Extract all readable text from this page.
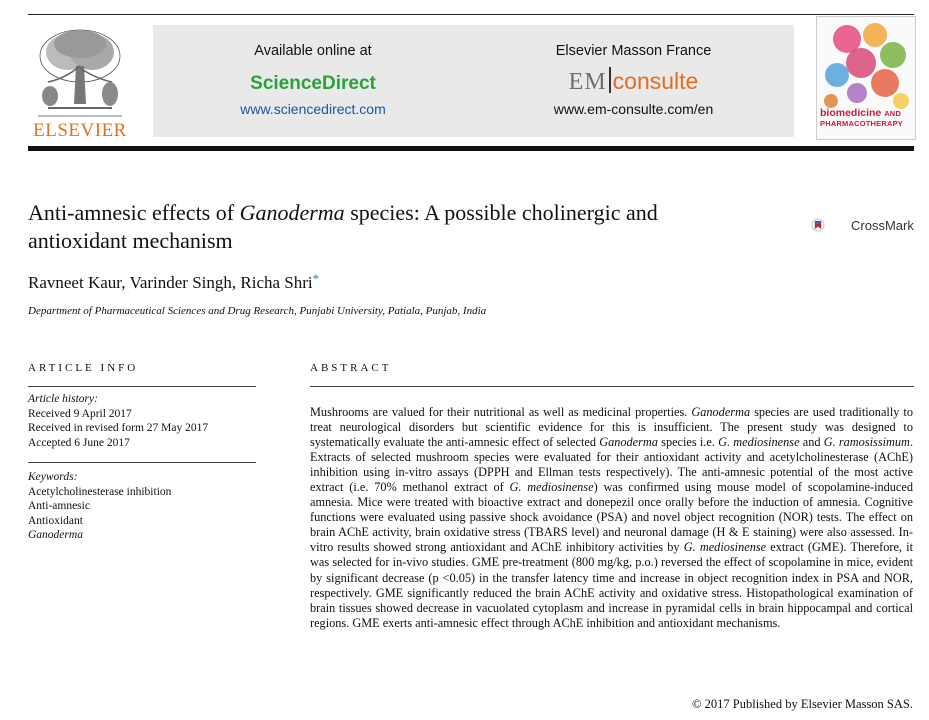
ELSEVIER
Available online at
ScienceDirect
www.sciencedirect.com
Elsevier Masson France
EM consulte
www.em-consulte.com/en	biomedicine AND
PHARMACOTHERAPY
Anti-amnesic effects of Ganoderma species: A possible cholinergic and
antioxidant mechanism
CrossMark
Ravneet Kaur, Varinder Singh, Richa Shri*
Department of Pharmaceutical Sciences and Drug Research, Punjabi University, Patiala, Punjab, India
ARTICLE INFO
Article history:
Received 9 April 2017
Received in revised form 27 May 2017
Accepted 6 June 2017
Keywords:
Acetylcholinesterase inhibition
Anti-amnesic
Antioxidant
Ganoderma
ABSTRACT
Mushrooms are valued for their nutritional as well as medicinal properties. Ganoderma species are used traditionally to treat neurological disorders but scientific evidence for this is insufficient. The present study was designed to systematically evaluate the anti-amnesic effect of selected Ganoderma species i.e. G. mediosinense and G. ramosissimum. Extracts of selected mushroom species were evaluated for their antioxidant activity and acetylcholinesterase (AChE) inhibition using in-vitro assays (DPPH and Ellman tests respectively). The anti-amnesic potential of the most active extract (i.e. 70% methanol extract of G. mediosinense) was confirmed using mouse model of scopolamine-induced amnesia. Mice were treated with bioactive extract and donepezil once orally before the induction of amnesia. Cognitive functions were evaluated using passive shock avoidance (PSA) and novel object recognition (NOR) tests. The effect on brain AChE activity, brain oxidative stress (TBARS level) and neuronal damage (H & E staining) were also assessed. In-vitro results showed strong antioxidant and AChE inhibitory activities by G. mediosinense extract (GME). Therefore, it was selected for in-vivo studies. GME pre-treatment (800 mg/kg, p.o.) reversed the effect of scopolamine in mice, evident by significant decrease (p <0.05) in the transfer latency time and increase in object recognition index in PSA and NOR, respectively. GME significantly reduced the brain AChE activity and oxidative stress. Histopathological examination of brain tissues showed decrease in vacuolated cytoplasm and increase in pyramidal cells in brain hippocampal and cortical regions. GME exerts anti-amnesic effect through AChE inhibition and antioxidant mechanisms.
© 2017 Published by Elsevier Masson SAS.
